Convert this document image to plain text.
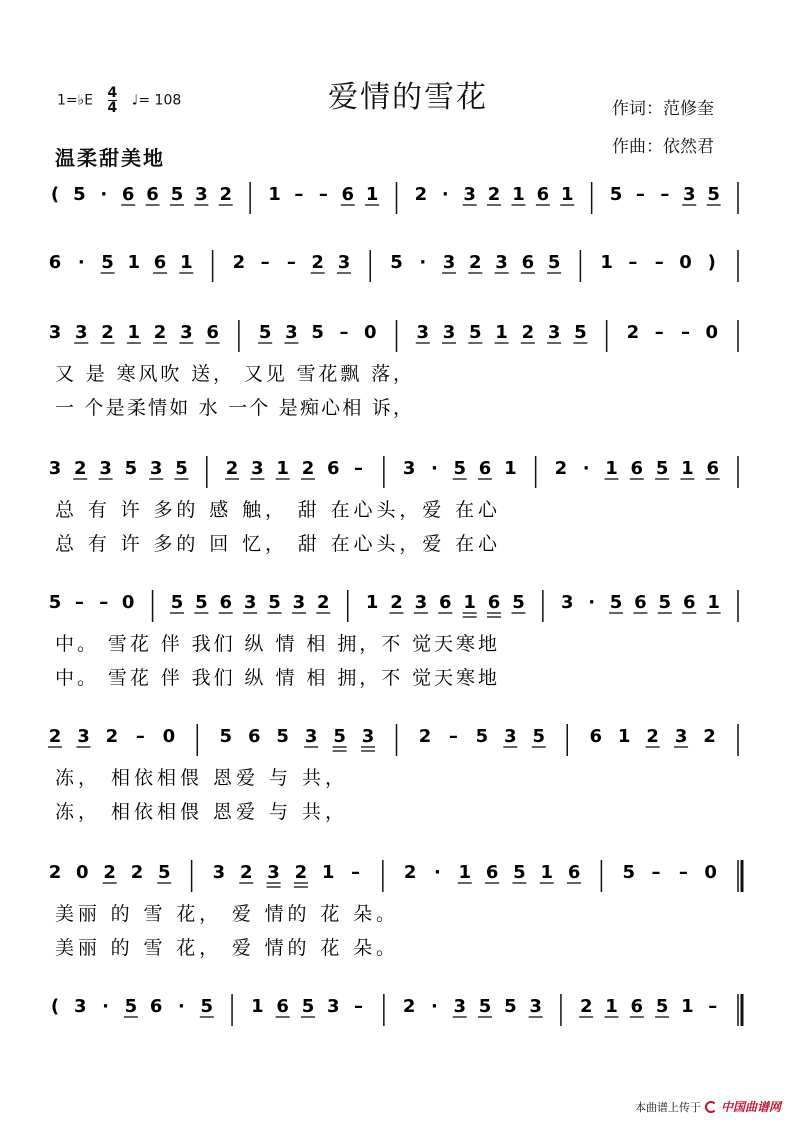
1=♭E $\frac{4}{4}$ ♩= 108	爱情的雪花	作词：范修奎
作曲：依然君
温柔甜美地
( 5 · 6 6 5 3 2 1 – – 6 1 2 · 3 2 1 6 1 5 – – 3 5
6 · 5 1 6 1 2 – – 2 3 5 · 3 2 3 6 5 1 – – 0 )
3 3 2 1 2 3 6 5 3 5 – 0 3 3 5 1 2 3 5 2 – – 0
又 是 寒风吹 送， 又见 雪花飘 落，
一 个是柔情如 水 一个 是痴心相 诉，
3 2 3 5 3 5 2 3 1 2 6 – 3 · 5 6 1 2 · 1 6 5 1 6
总 有 许 多的 感 触， 甜 在心头，爱 在心
总 有 许 多的 回 忆， 甜 在心头，爱 在心
5 – – 0 5 5 6 3 5 3 2 1 2 3 6 1 6 5 3 · 5 6 5 6 1
中。 雪花 伴 我们 纵 情 相 拥，不 觉天寒地
中。 雪花 伴 我们 纵 情 相 拥，不 觉天寒地
2 3 2 – 0 5 6 5 3 5 3 2 – 5 3 5 6 1 2 3 2
冻， 相依相偎 恩爱 与 共，
冻， 相依相偎 恩爱 与 共，
2 0 2 2 5 3 2 3 2 1 – 2 · 1 6 5 1 6 5 – – 0
美丽 的 雪 花， 爱 情的 花 朵。
美丽 的 雪 花， 爱 情的 花 朵。
( 3 · 5 6 · 5 1 6 5 3 – 2 · 3 5 5 3 2 1 6 5 1 –
本曲谱上传于 中国曲谱网
